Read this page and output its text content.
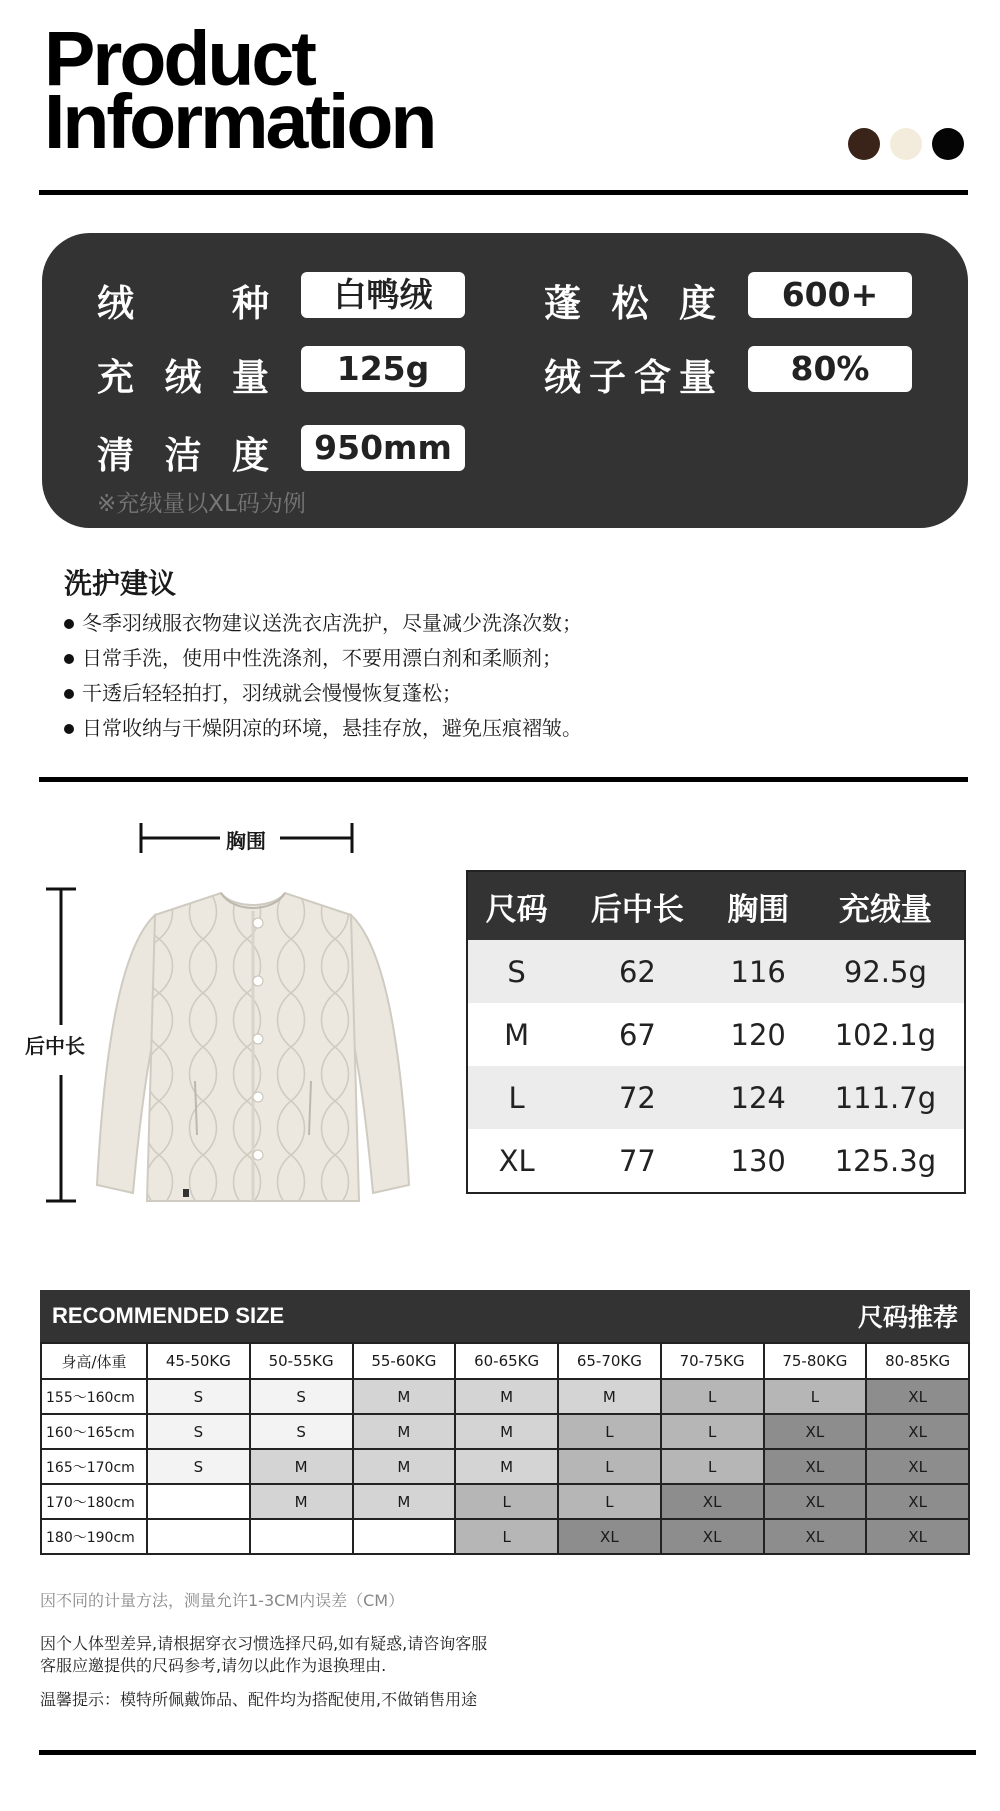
Product
Information
绒	种	白鸭绒	蓬 松 度	600+
充 绒 量	125g	绒 子 含 量	80%
清 洁 度	950mm
※充绒量以XL码为例
洗护建议
冬季羽绒服衣物建议送洗衣店洗护，尽量减少洗涤次数；
日常手洗，使用中性洗涤剂，不要用漂白剂和柔顺剂；
干透后轻轻拍打，羽绒就会慢慢恢复蓬松；
日常收纳与干燥阴凉的环境，悬挂存放，避免压痕褶皱。
胸围
后中长
尺码	后中长	胸围	充绒量
S	62	116	92.5g
M	67	120	102.1g
L	72	124	111.7g
XL	77	130	125.3g
RECOMMENDED SIZE	尺码推荐
身高/体重	45-50KG	50-55KG	55-60KG	60-65KG	65-70KG	70-75KG	75-80KG	80-85KG
155～160cm	S	S	M	M	M	L	L	XL
160～165cm	S	S	M	M	L	L	XL	XL
165～170cm	S	M	M	M	L	L	XL	XL
170～180cm		M	M	L	L	XL	XL	XL
180～190cm				L	XL	XL	XL	XL
因不同的计量方法，测量允许1-3CM内误差（CM）
因个人体型差异,请根据穿衣习惯选择尺码,如有疑惑,请咨询客服
客服应邀提供的尺码参考,请勿以此作为退换理由.
温馨提示：模特所佩戴饰品、配件均为搭配使用,不做销售用途
